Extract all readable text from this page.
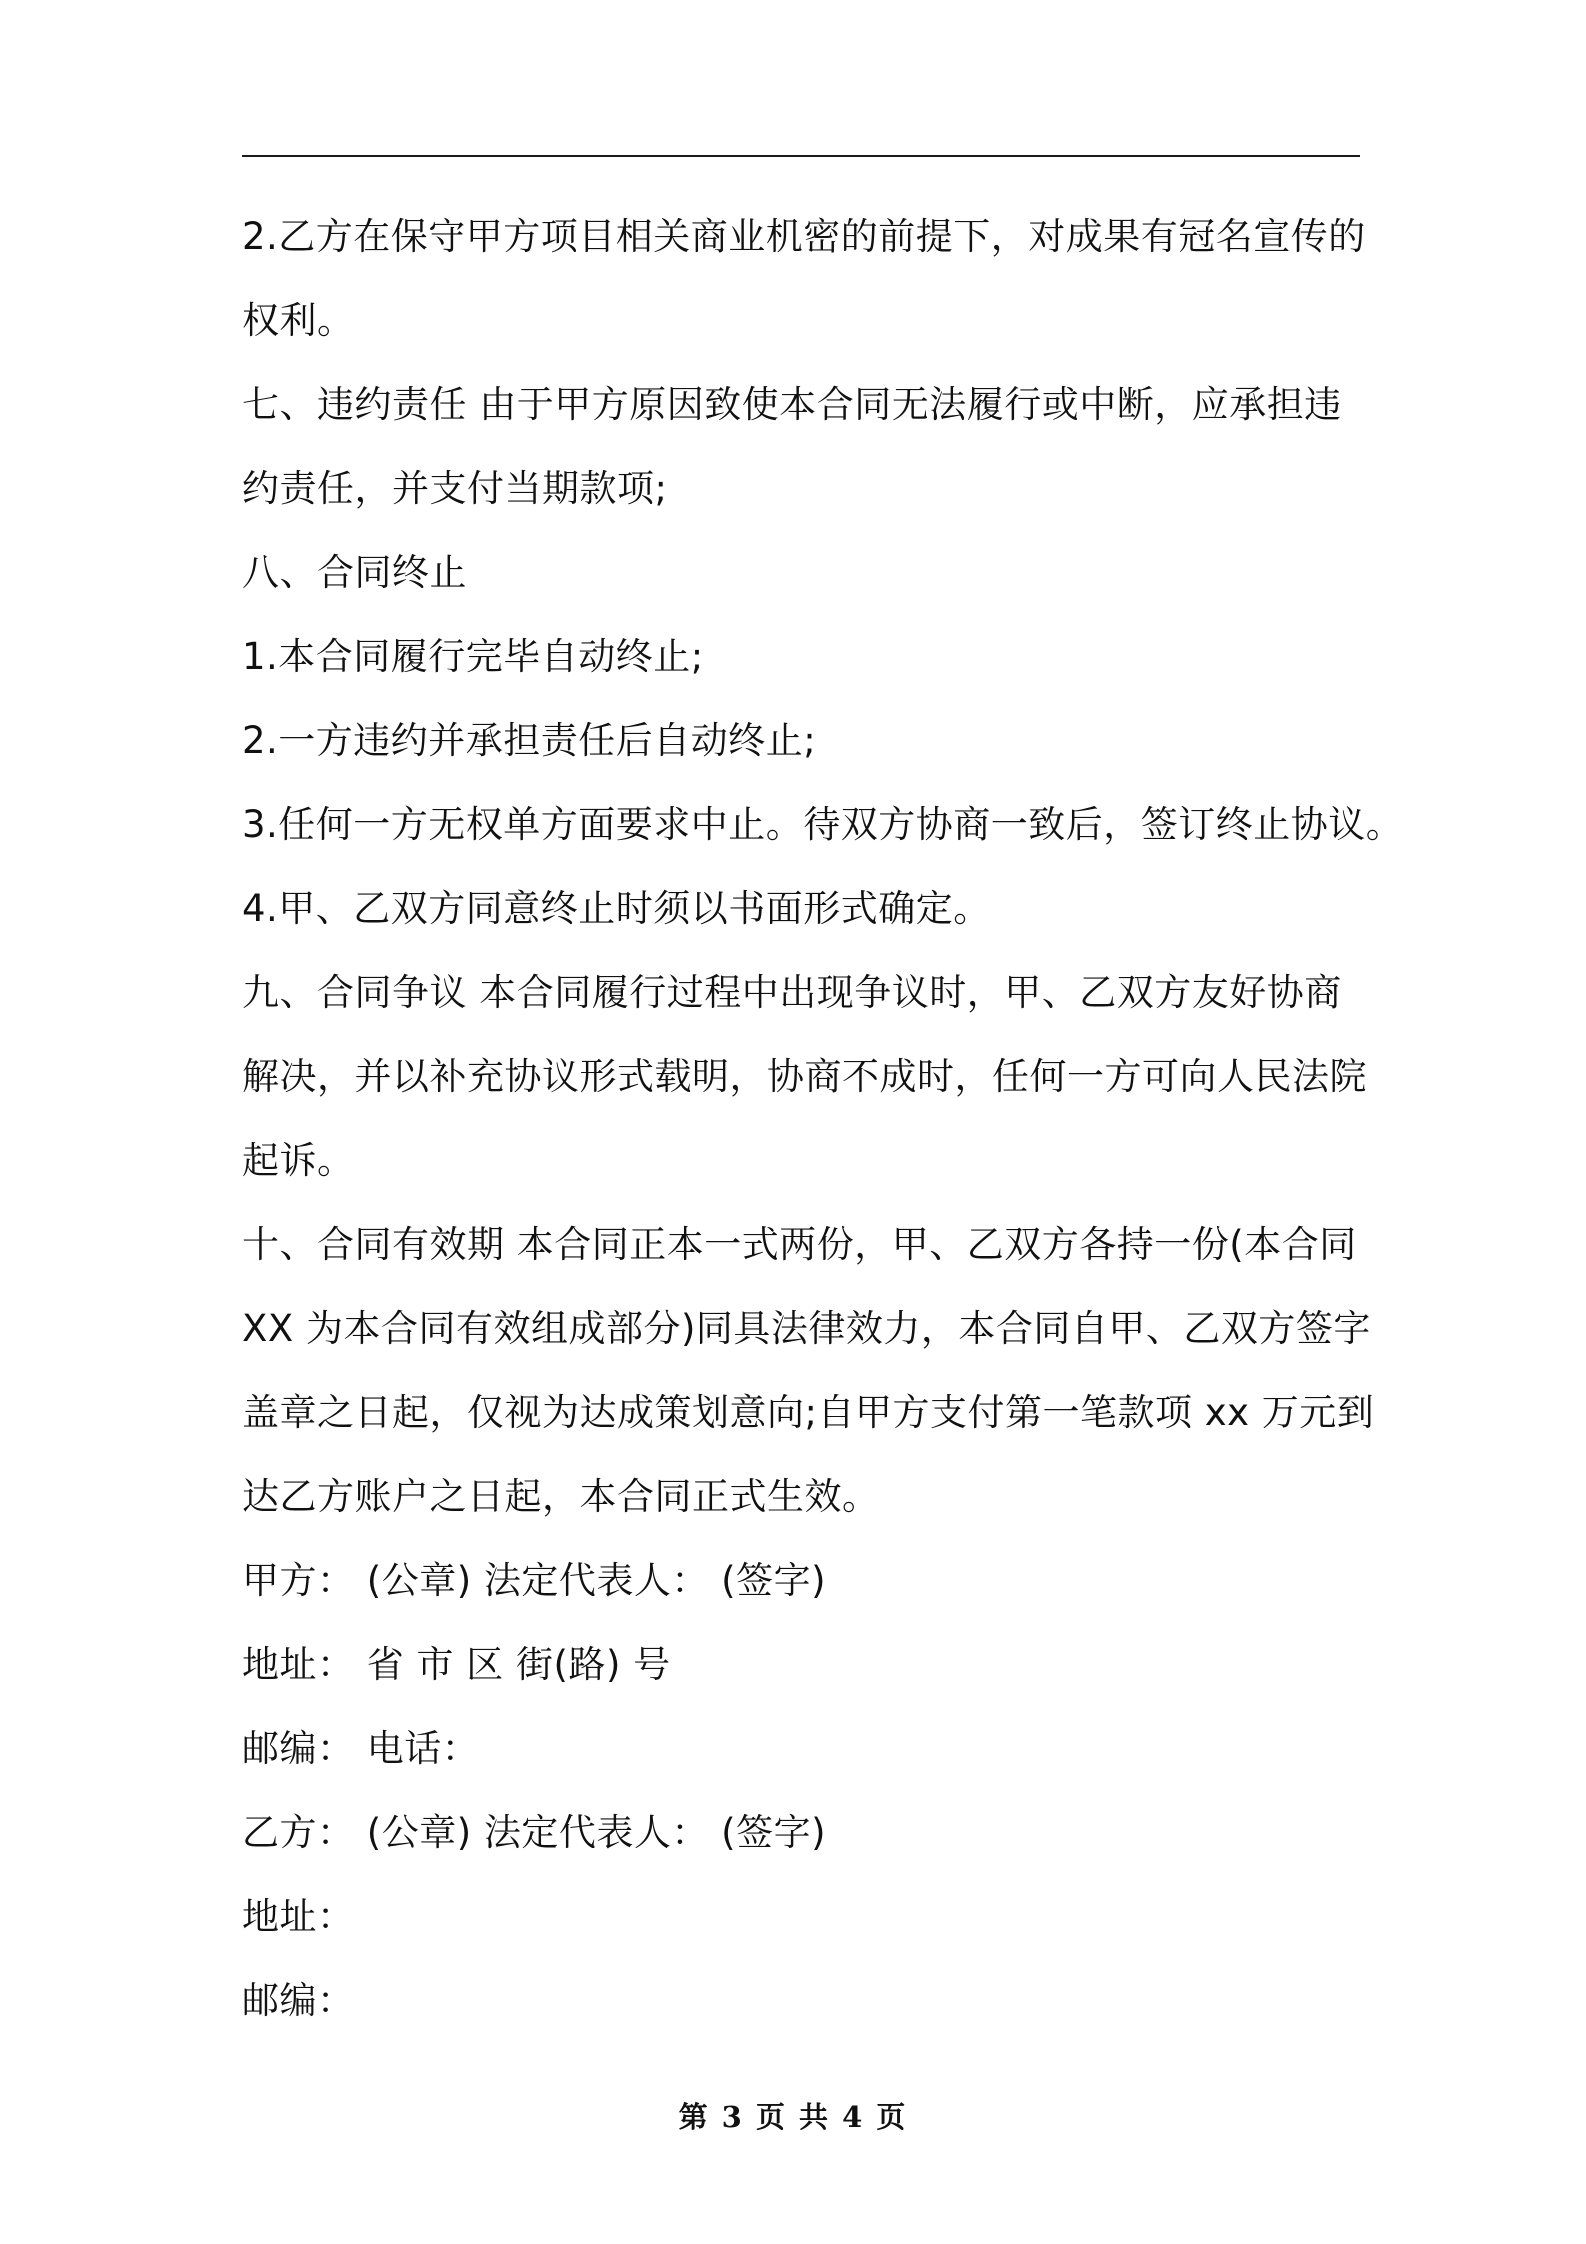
2.乙方在保守甲方项目相关商业机密的前提下，对成果有冠名宣传的
权利。
七、违约责任 由于甲方原因致使本合同无法履行或中断，应承担违
约责任，并支付当期款项;
八、合同终止
1.本合同履行完毕自动终止;
2.一方违约并承担责任后自动终止;
3.任何一方无权单方面要求中止。待双方协商一致后，签订终止协议。
4.甲、乙双方同意终止时须以书面形式确定。
九、合同争议 本合同履行过程中出现争议时，甲、乙双方友好协商
解决，并以补充协议形式载明，协商不成时，任何一方可向人民法院
起诉。
十、合同有效期 本合同正本一式两份，甲、乙双方各持一份(本合同
XX 为本合同有效组成部分)同具法律效力，本合同自甲、乙双方签字
盖章之日起，仅视为达成策划意向;自甲方支付第一笔款项 xx 万元到
达乙方账户之日起，本合同正式生效。
甲方： (公章) 法定代表人： (签字)
地址： 省 市 区 街(路) 号
邮编： 电话：
乙方： (公章) 法定代表人： (签字)
地址：
邮编：
第 3 页 共 4 页
